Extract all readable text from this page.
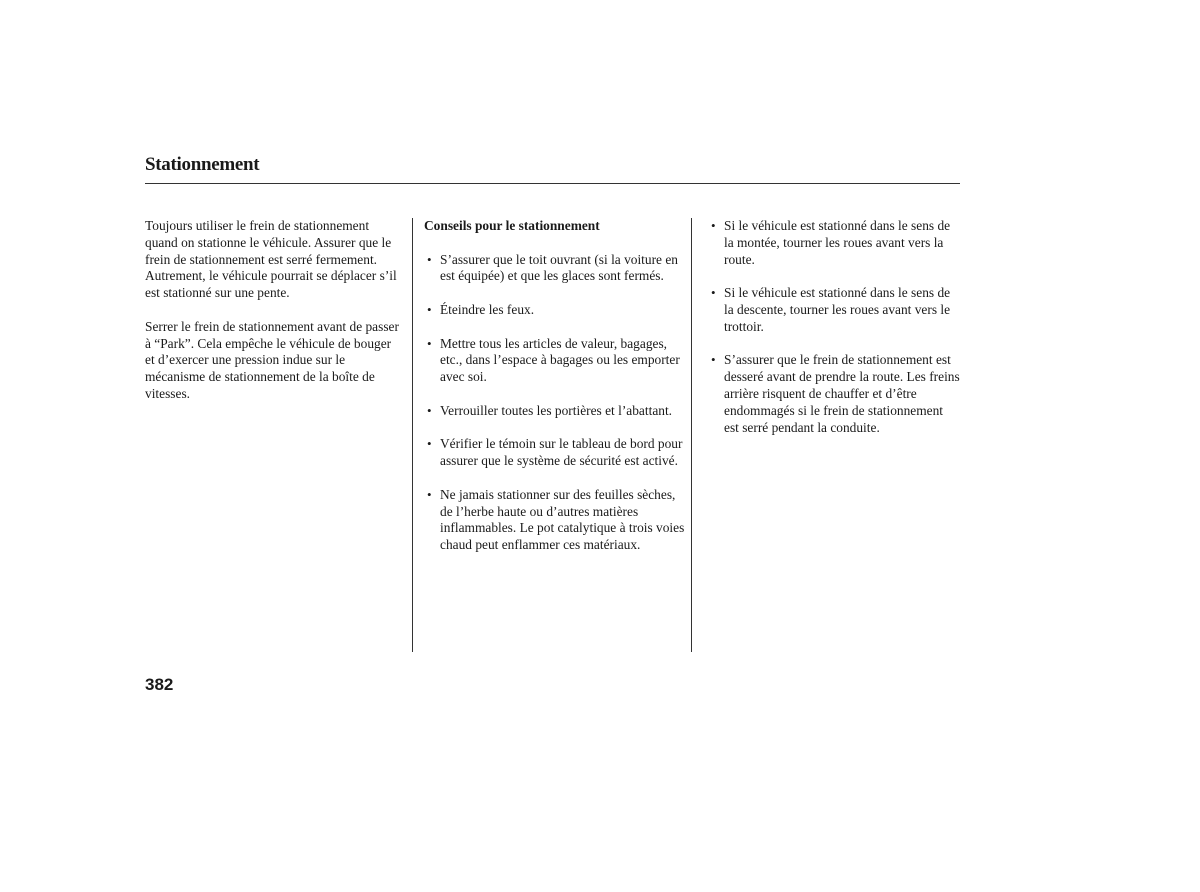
Stationnement

Toujours utiliser le frein de stationnement quand on stationne le véhicule. Assurer que le frein de stationnement est serré fermement. Autrement, le véhicule pourrait se déplacer s’il est stationné sur une pente.

Serrer le frein de stationnement avant de passer à “Park”. Cela empêche le véhicule de bouger et d’exercer une pression indue sur le mécanisme de stationnement de la boîte de vitesses.

Conseils pour le stationnement

• S’assurer que le toit ouvrant (si la voiture en est équipée) et que les glaces sont fermés.
• Éteindre les feux.
• Mettre tous les articles de valeur, bagages, etc., dans l’espace à bagages ou les emporter avec soi.
• Verrouiller toutes les portières et l’abattant.
• Vérifier le témoin sur le tableau de bord pour assurer que le système de sécurité est activé.
• Ne jamais stationner sur des feuilles sèches, de l’herbe haute ou d’autres matières inflammables. Le pot catalytique à trois voies chaud peut enflammer ces matériaux.
• Si le véhicule est stationné dans le sens de la montée, tourner les roues avant vers la route.
• Si le véhicule est stationné dans le sens de la descente, tourner les roues avant vers le trottoir.
• S’assurer que le frein de stationnement est desseré avant de prendre la route. Les freins arrière risquent de chauffer et d’être endommagés si le frein de stationnement est serré pendant la conduite.
382
